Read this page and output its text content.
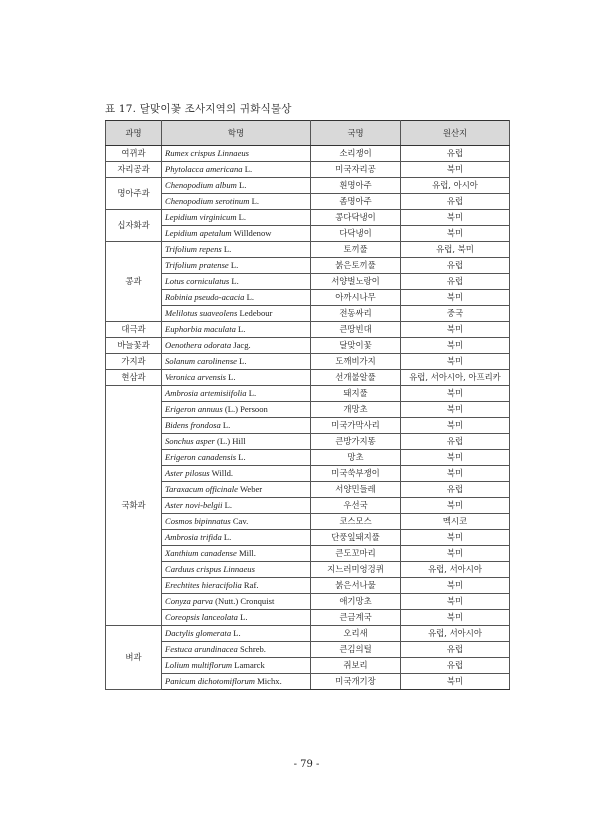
표 17. 달맞이꽃 조사지역의 귀화식물상
과명	학명	국명	원산지
여뀌과	Rumex crispus Linnaeus	소리쟁이	유럽
자리공과	Phytolacca americana L.	미국자리공	북미
명아주과	Chenopodium album L.	흰명아주	유럽, 아시아
	Chenopodium serotinum L.	좀명아주	유럽
십자화과	Lepidium virginicum L.	콩다닥냉이	북미
	Lepidium apetalum Willdenow	다닥냉이	북미
콩과	Trifolium repens L.	토끼풀	유럽, 북미
	Trifolium pratense L.	붉은토끼풀	유럽
	Lotus corniculatus L.	서양벌노랑이	유럽
	Robinia pseudo-acacia L.	아까시나무	북미
	Melilotus suaveolens Ledebour	전동싸리	중국
대극과	Euphorbia maculata L.	큰땅빈대	북미
바늘꽃과	Oenothera odorata Jacg.	달맞이꽃	북미
가지과	Solanum carolinense L.	도깨비가지	북미
현삼과	Veronica arvensis L.	선개불알풀	유럽, 서아시아, 아프리카
국화과	Ambrosia artemisiifolia L.	돼지풀	북미
	Erigeron annuus (L.) Persoon	개망초	북미
	Bidens frondosa L.	미국가막사리	북미
	Sonchus asper (L.) Hill	큰방가지똥	유럽
	Erigeron canadensis L.	망초	북미
	Aster pilosus Willd.	미국쑥부쟁이	북미
	Taraxacum officinale Weber	서양민들레	유럽
	Aster novi-belgii L.	우선국	북미
	Cosmos bipinnatus Cav.	코스모스	멕시코
	Ambrosia trifida L.	단풍잎돼지풀	북미
	Xanthium canadense Mill.	큰도꼬마리	북미
	Carduus crispus Linnaeus	지느러미엉겅퀴	유럽, 서아시아
	Erechtites hieracifolia Raf.	붉은서나물	북미
	Conyza parva (Nutt.) Cronquist	애기망초	북미
	Coreopsis lanceolata L.	큰금계국	북미
벼과	Dactylis glomerata L.	오리새	유럽, 서아시아
	Festuca arundinacea Schreb.	큰김의털	유럽
	Lolium multiflorum Lamarck	쥐보리	유럽
	Panicum dichotomiflorum Michx.	미국개기장	북미
- 79 -
